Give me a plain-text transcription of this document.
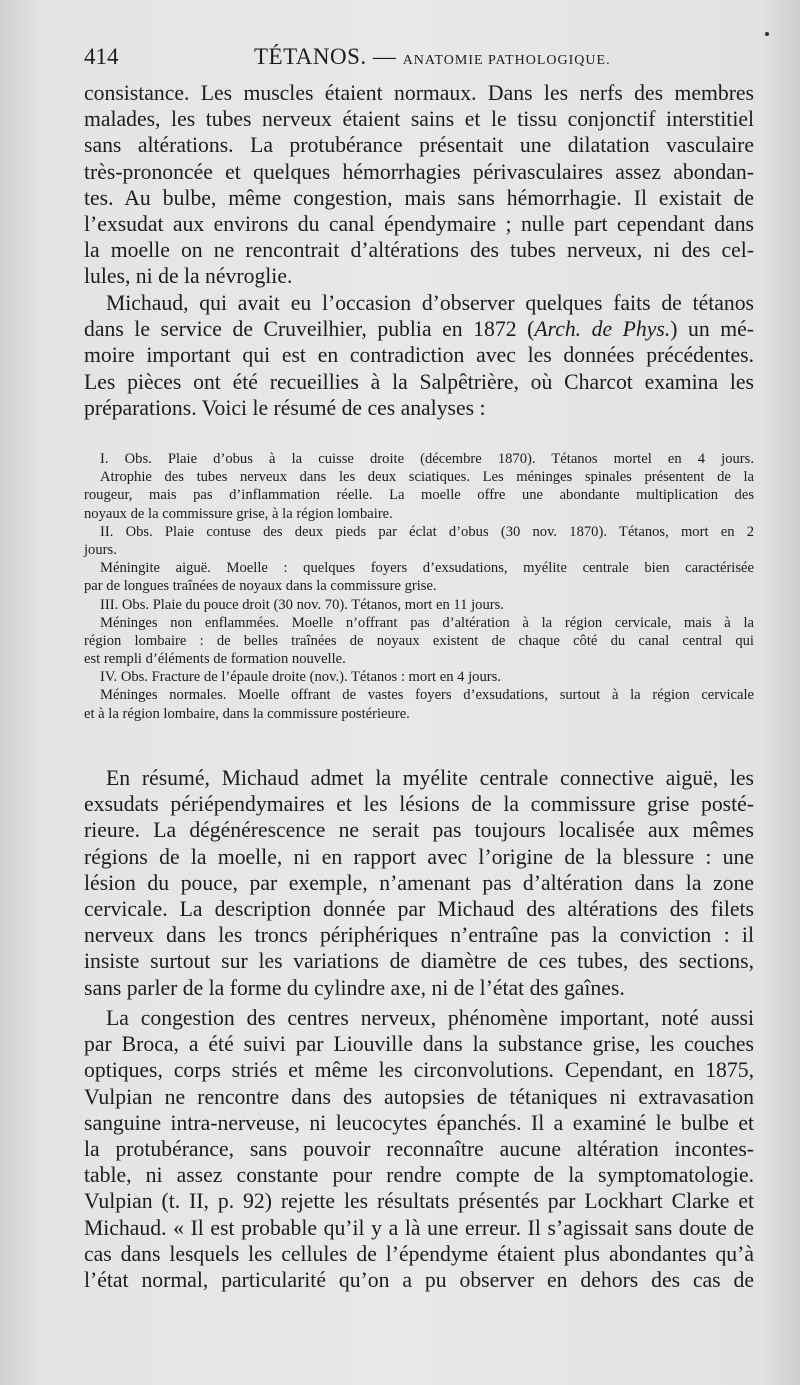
414	TÉTANOS. — ANATOMIE PATHOLOGIQUE.
consistance. Les muscles étaient normaux. Dans les nerfs des membres
malades, les tubes nerveux étaient sains et le tissu conjonctif interstitiel
sans altérations. La protubérance présentait une dilatation vasculaire
très-prononcée et quelques hémorrhagies périvasculaires assez abondan-
tes. Au bulbe, même congestion, mais sans hémorrhagie. Il existait de
l’exsudat aux environs du canal épendymaire ; nulle part cependant dans
la moelle on ne rencontrait d’altérations des tubes nerveux, ni des cel-
lules, ni de la névroglie.
Michaud, qui avait eu l’occasion d’observer quelques faits de tétanos
dans le service de Cruveilhier, publia en 1872 (Arch. de Phys.) un mé-
moire important qui est en contradiction avec les données précédentes.
Les pièces ont été recueillies à la Salpêtrière, où Charcot examina les
préparations. Voici le résumé de ces analyses :
I. Obs. Plaie d’obus à la cuisse droite (décembre 1870). Tétanos mortel en 4 jours.
Atrophie des tubes nerveux dans les deux sciatiques. Les méninges spinales présentent de la
rougeur, mais pas d’inflammation réelle. La moelle offre une abondante multiplication des
noyaux de la commissure grise, à la région lombaire.
II. Obs. Plaie contuse des deux pieds par éclat d’obus (30 nov. 1870). Tétanos, mort en 2
jours.
Méningite aiguë. Moelle : quelques foyers d’exsudations, myélite centrale bien caractérisée
par de longues traînées de noyaux dans la commissure grise.
III. Obs. Plaie du pouce droit (30 nov. 70). Tétanos, mort en 11 jours.
Méninges non enflammées. Moelle n’offrant pas d’altération à la région cervicale, mais à la
région lombaire : de belles traînées de noyaux existent de chaque côté du canal central qui
est rempli d’éléments de formation nouvelle.
IV. Obs. Fracture de l’épaule droite (nov.). Tétanos : mort en 4 jours.
Méninges normales. Moelle offrant de vastes foyers d’exsudations, surtout à la région cervicale
et à la région lombaire, dans la commissure postérieure.
En résumé, Michaud admet la myélite centrale connective aiguë, les
exsudats périépendymaires et les lésions de la commissure grise posté-
rieure. La dégénérescence ne serait pas toujours localisée aux mêmes
régions de la moelle, ni en rapport avec l’origine de la blessure : une
lésion du pouce, par exemple, n’amenant pas d’altération dans la zone
cervicale. La description donnée par Michaud des altérations des filets
nerveux dans les troncs périphériques n’entraîne pas la conviction : il
insiste surtout sur les variations de diamètre de ces tubes, des sections,
sans parler de la forme du cylindre axe, ni de l’état des gaînes.
La congestion des centres nerveux, phénomène important, noté aussi
par Broca, a été suivi par Liouville dans la substance grise, les couches
optiques, corps striés et même les circonvolutions. Cependant, en 1875,
Vulpian ne rencontre dans des autopsies de tétaniques ni extravasation
sanguine intra-nerveuse, ni leucocytes épanchés. Il a examiné le bulbe et
la protubérance, sans pouvoir reconnaître aucune altération incontes-
table, ni assez constante pour rendre compte de la symptomatologie.
Vulpian (t. II, p. 92) rejette les résultats présentés par Lockhart Clarke et
Michaud. « Il est probable qu’il y a là une erreur. Il s’agissait sans doute de
cas dans lesquels les cellules de l’épendyme étaient plus abondantes qu’à
l’état normal, particularité qu’on a pu observer en dehors des cas de
